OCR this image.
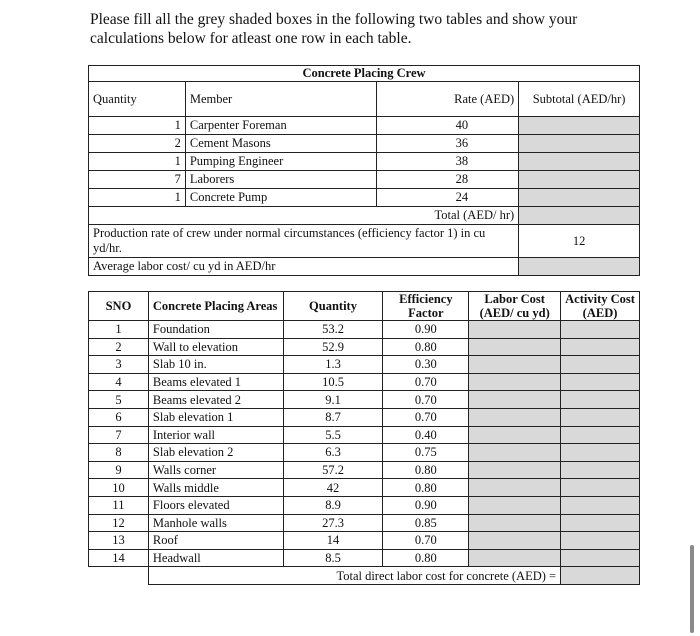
Please fill all the grey shaded boxes in the following two tables and show your calculations below for atleast one row in each table.
Concrete Placing Crew			
Quantity	Member	Rate (AED)	Subtotal (AED/hr)
1	Carpenter Foreman	40	
2	Cement Masons	36	
1	Pumping Engineer	38	
7	Laborers	28	
1	Concrete Pump	24	
Total (AED/ hr)			
Production rate of crew under normal circumstances (efficiency factor 1) in cu yd/hr.			12
Average labor cost/ cu yd in AED/hr			
SNO	Concrete Placing Areas	Quantity	Efficiency Factor	Labor Cost (AED/ cu yd)	Activity Cost (AED)
1	Foundation	53.2	0.90		
2	Wall to elevation	52.9	0.80		
3	Slab 10 in.	1.3	0.30		
4	Beams elevated 1	10.5	0.70		
5	Beams elevated 2	9.1	0.70		
6	Slab elevation 1	8.7	0.70		
7	Interior wall	5.5	0.40		
8	Slab elevation 2	6.3	0.75		
9	Walls corner	57.2	0.80		
10	Walls middle	42	0.80		
11	Floors elevated	8.9	0.90		
12	Manhole walls	27.3	0.85		
13	Roof	14	0.70		
14	Headwall	8.5	0.80		
	Total direct labor cost for concrete (AED) =				
